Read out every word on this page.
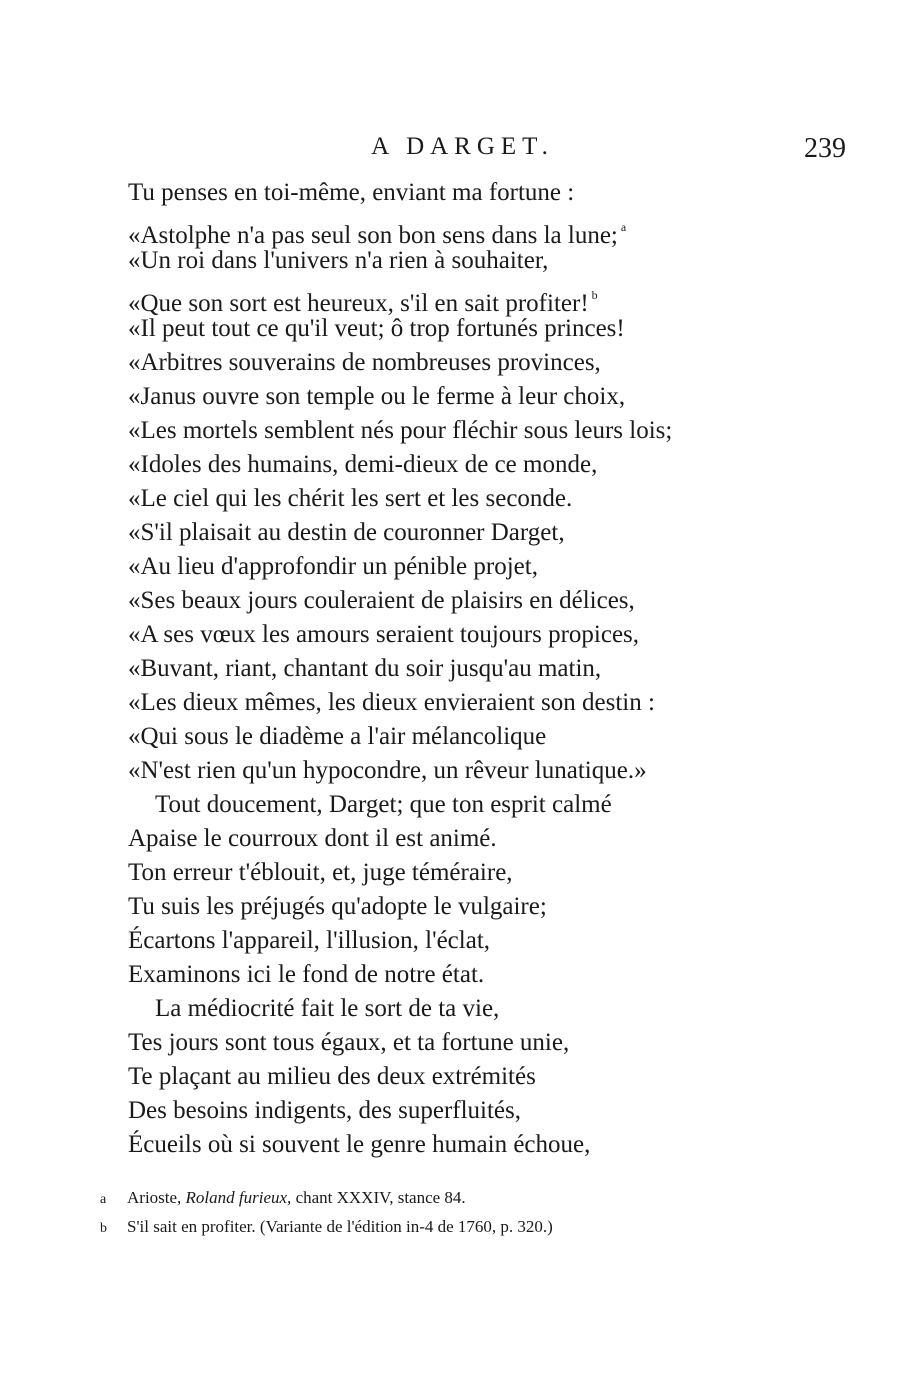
A DARGET.	239
Tu penses en toi-même, enviant ma fortune :
«Astolphe n'a pas seul son bon sens dans la lune; $^a$
«Un roi dans l'univers n'a rien à souhaiter,
«Que son sort est heureux, s'il en sait profiter! $^b$
«Il peut tout ce qu'il veut; ô trop fortunés princes!
«Arbitres souverains de nombreuses provinces,
«Janus ouvre son temple ou le ferme à leur choix,
«Les mortels semblent nés pour fléchir sous leurs lois;
«Idoles des humains, demi-dieux de ce monde,
«Le ciel qui les chérit les sert et les seconde.
«S'il plaisait au destin de couronner Darget,
«Au lieu d'approfondir un pénible projet,
«Ses beaux jours couleraient de plaisirs en délices,
«A ses vœux les amours seraient toujours propices,
«Buvant, riant, chantant du soir jusqu'au matin,
«Les dieux mêmes, les dieux envieraient son destin :
«Qui sous le diadème a l'air mélancolique
«N'est rien qu'un hypocondre, un rêveur lunatique.»
Tout doucement, Darget; que ton esprit calmé
Apaise le courroux dont il est animé.
Ton erreur t'éblouit, et, juge téméraire,
Tu suis les préjugés qu'adopte le vulgaire;
Écartons l'appareil, l'illusion, l'éclat,
Examinons ici le fond de notre état.
La médiocrité fait le sort de ta vie,
Tes jours sont tous égaux, et ta fortune unie,
Te plaçant au milieu des deux extrémités
Des besoins indigents, des superfluités,
Écueils où si souvent le genre humain échoue,
a Arioste, Roland furieux, chant XXXIV, stance 84.
b S'il sait en profiter. (Variante de l'édition in-4 de 1760, p. 320.)
